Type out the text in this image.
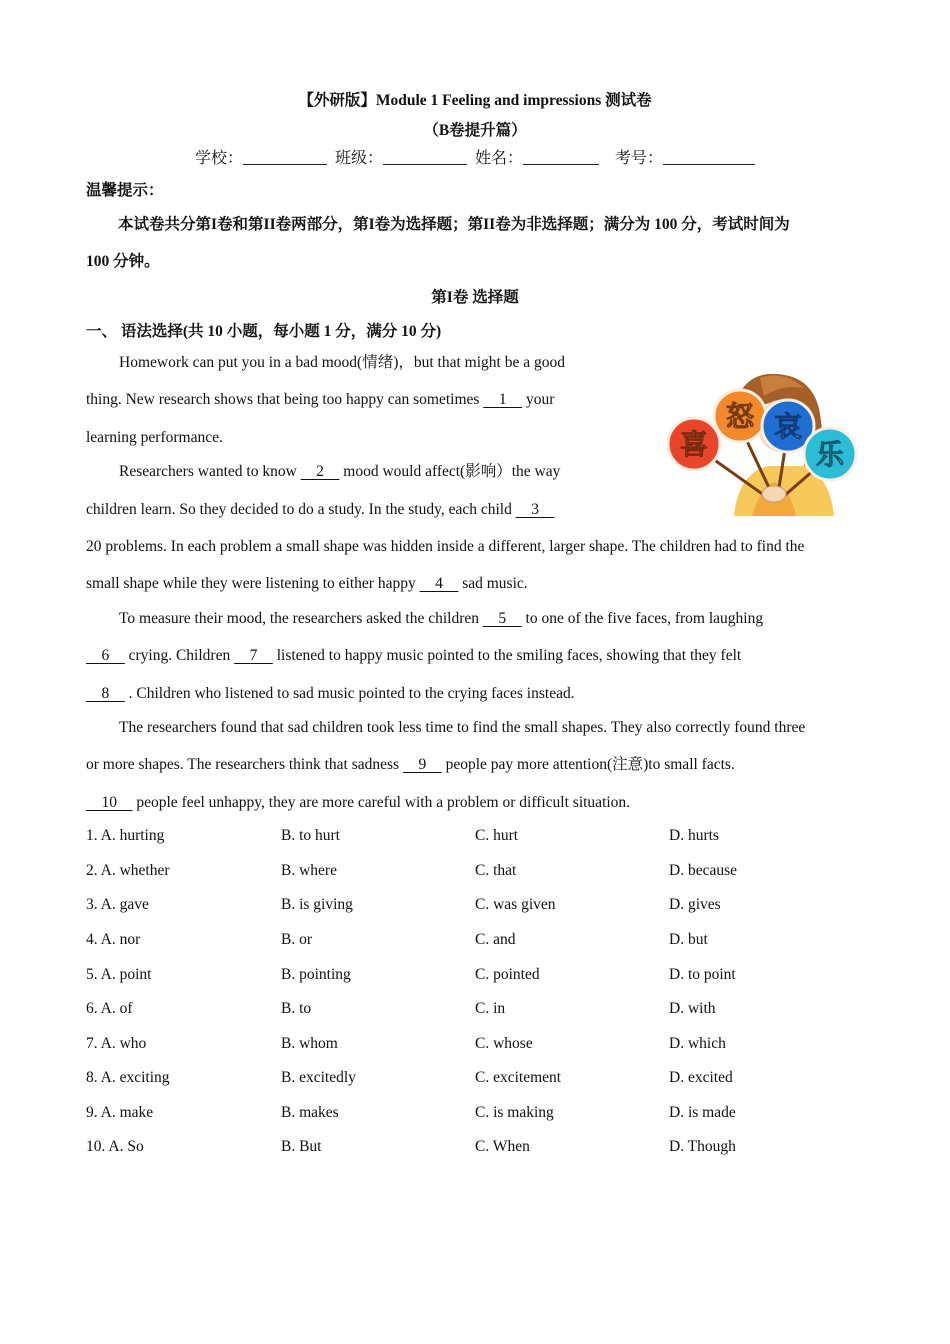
【外研版】Module 1 Feeling and impressions 测试卷
（B卷提升篇）
学校：	班级：	姓名：	考号：
温馨提示：
本试卷共分第I卷和第II卷两部分，第I卷为选择题；第II卷为非选择题；满分为 100 分，考试时间为
100 分钟。
第I卷 选择题
一、 语法选择(共 10 小题，每小题 1 分，满分 10 分)
Homework can put you in a bad mood(情绪)，but that might be a good
thing. New research shows that being too happy can sometimes     1     your
learning performance.
Researchers wanted to know     2     mood would affect(影响）the way
children learn. So they decided to do a study. In the study, each child     3
20 problems. In each problem a small shape was hidden inside a different, larger shape. The children had to find the
small shape while they were listening to either happy     4     sad music.
To measure their mood, the researchers asked the children     5     to one of the five faces, from laughing
6     crying. Children     7     listened to happy music pointed to the smiling faces, showing that they felt
8     . Children who listened to sad music pointed to the crying faces instead.
The researchers found that sad children took less time to find the small shapes. They also correctly found three
or more shapes. The researchers think that sadness     9     people pay more attention(注意)to small facts.
10     people feel unhappy, they are more careful with a problem or difficult situation.
喜
怒 哀
乐
1. A. hurting	B. to hurt	C. hurt	D. hurts
2. A. whether	B. where	C. that	D. because
3. A. gave	B. is giving	C. was given	D. gives
4. A. nor	B. or	C. and	D. but
5. A. point	B. pointing	C. pointed	D. to point
6. A. of	B. to	C. in	D. with
7. A. who	B. whom	C. whose	D. which
8. A. exciting	B. excitedly	C. excitement	D. excited
9. A. make	B. makes	C. is making	D. is made
10. A. So	B. But	C. When	D. Though
